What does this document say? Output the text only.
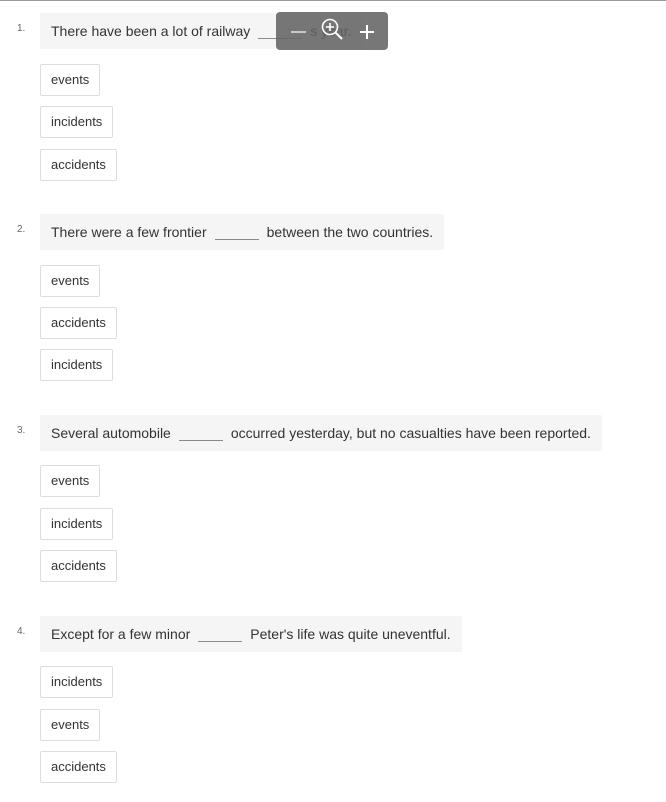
1.	There have been a lot of railway
events
incidents
accidents
2.	There were a few frontier	between the two countries.
events
accidents
incidents
3.	Several automobile	occurred yesterday, but no casualties have been reported.
events
incidents
accidents
4.	Except for a few minor	Peter's life was quite uneventful.
incidents
events
accidents
